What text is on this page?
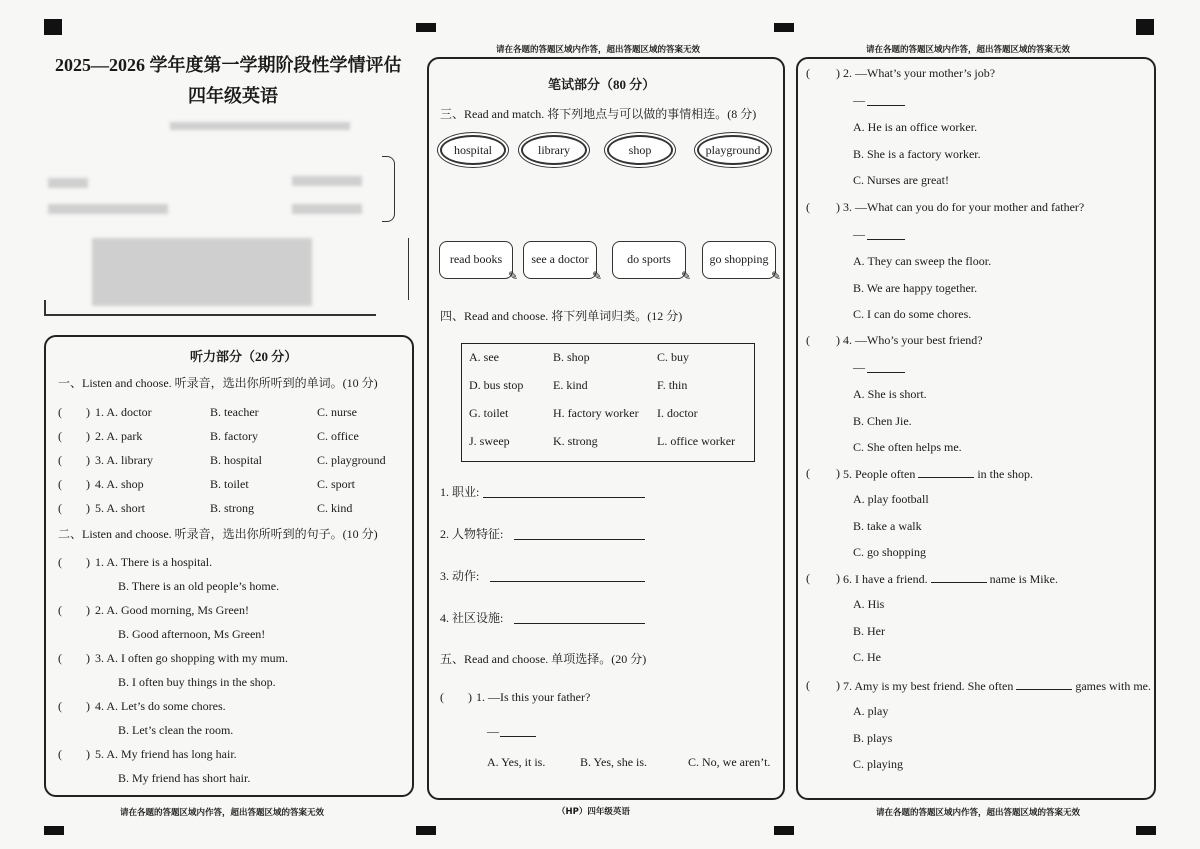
请在各题的答题区域内作答，超出答题区域的答案无效	请在各题的答题区域内作答，超出答题区域的答案无效
2025—2026 学年度第一学期阶段性学情评估
四年级英语
听力部分（20 分）
一、Listen and choose. 听录音，选出你所听到的单词。(10 分)
( ) 1. A. doctor	B. teacher	C. nurse
( ) 2. A. park	B. factory	C. office
( ) 3. A. library	B. hospital	C. playground
( ) 4. A. shop	B. toilet	C. sport
( ) 5. A. short	B. strong	C. kind
二、Listen and choose. 听录音，选出你所听到的句子。(10 分)
( ) 1. A. There is a hospital.
B. There is an old people’s home.
( ) 2. A. Good morning, Ms Green!
B. Good afternoon, Ms Green!
( ) 3. A. I often go shopping with my mum.
B. I often buy things in the shop.
( ) 4. A. Let’s do some chores.
B. Let’s clean the room.
( ) 5. A. My friend has long hair.
B. My friend has short hair.
请在各题的答题区域内作答，超出答题区域的答案无效
笔试部分（80 分）
三、Read and match. 将下列地点与可以做的事情相连。(8 分)
hospital	library	shop	playground
read books
✎
see a doctor
✎
do sports
✎
go shopping
✎
四、Read and choose. 将下列单词归类。(12 分)
A. see	B. shop	C. buy
D. bus stop E. kind	F. thin
G. toilet	H. factory worker I. doctor
J. sweep	K. strong	L. office worker
1. 职业:
2. 人物特征:
3. 动作:
4. 社区设施:
五、Read and choose. 单项选择。(20 分)
( ) 1. —Is this your father?
—
A. Yes, it is.	B. Yes, she is.	C. No, we aren’t.
（HP）四年级英语
( ) 2. —What’s your mother’s job?
—
A. He is an office worker.
B. She is a factory worker.
C. Nurses are great!
( ) 3. —What can you do for your mother and father?
—
A. They can sweep the floor.
B. We are happy together.
C. I can do some chores.
( ) 4. —Who’s your best friend?
—
A. She is short.
B. Chen Jie.
C. She often helps me.
( ) 5. People often	in the shop.
A. play football
B. take a walk
C. go shopping
( ) 6. I have a friend.	name is Mike.
A. His
B. Her
C. He
( ) 7. Amy is my best friend. She often	games with me.
A. play
B. plays
C. playing
请在各题的答题区域内作答，超出答题区域的答案无效
